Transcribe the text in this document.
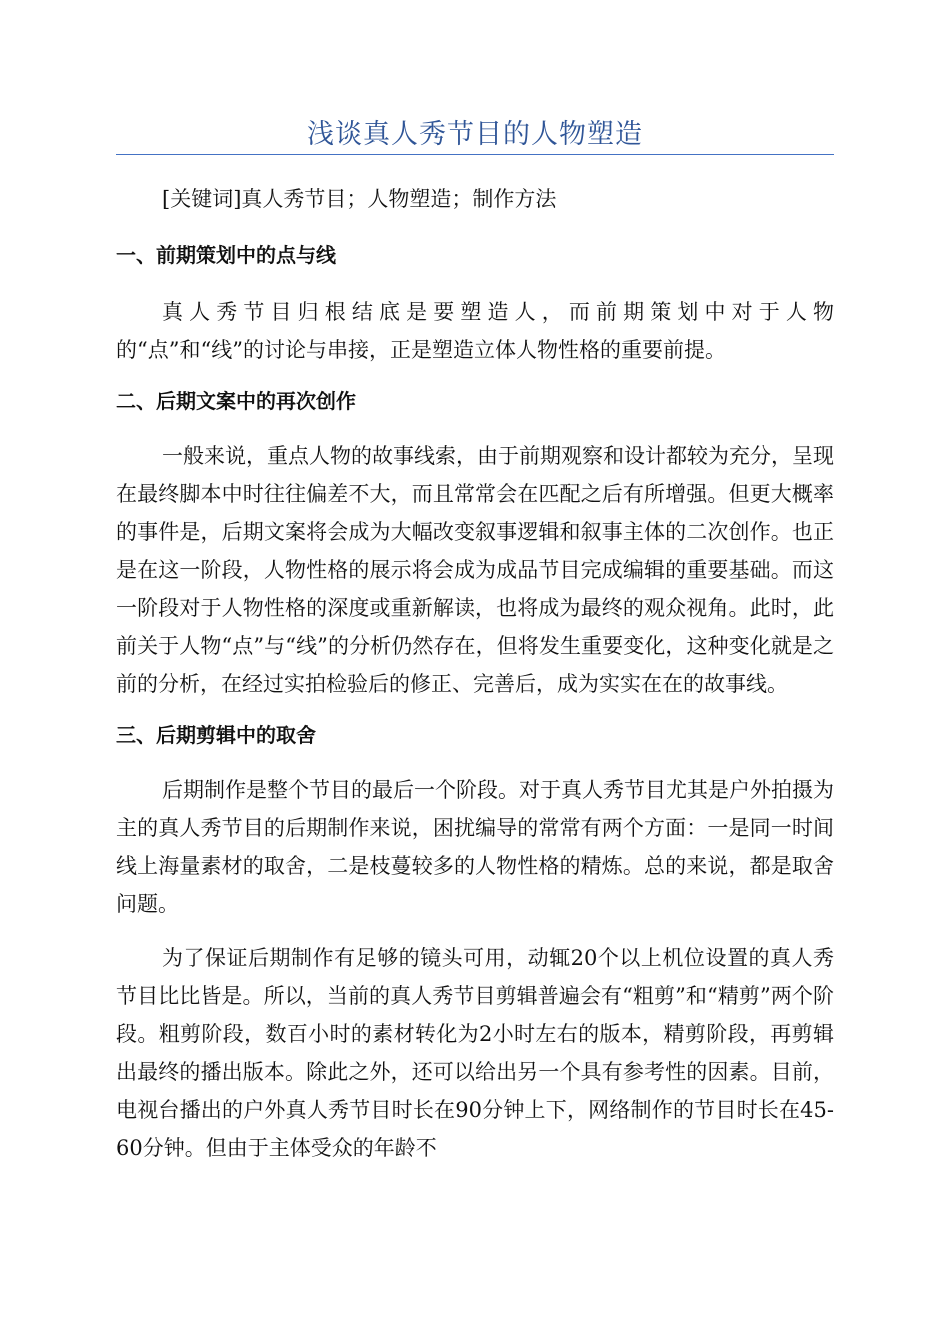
浅谈真人秀节目的人物塑造
[关键词]真人秀节目；人物塑造；制作方法
一、前期策划中的点与线

真人秀节目归根结底是要塑造人，而前期策划中对于人物的“点”和“线”的讨论与串接，正是塑造立体人物性格的重要前提。

二、后期文案中的再次创作

一般来说，重点人物的故事线索，由于前期观察和设计都较为充分，呈现在最终脚本中时往往偏差不大，而且常常会在匹配之后有所增强。但更大概率的事件是，后期文案将会成为大幅改变叙事逻辑和叙事主体的二次创作。也正是在这一阶段，人物性格的展示将会成为成品节目完成编辑的重要基础。而这一阶段对于人物性格的深度或重新解读，也将成为最终的观众视角。此时，此前关于人物“点”与“线”的分析仍然存在，但将发生重要变化，这种变化就是之前的分析，在经过实拍检验后的修正、完善后，成为实实在在的故事线。

三、后期剪辑中的取舍

后期制作是整个节目的最后一个阶段。对于真人秀节目尤其是户外拍摄为主的真人秀节目的后期制作来说，困扰编导的常常有两个方面：一是同一时间线上海量素材的取舍，二是枝蔓较多的人物性格的精炼。总的来说，都是取舍问题。

为了保证后期制作有足够的镜头可用，动辄20个以上机位设置的真人秀节目比比皆是。所以，当前的真人秀节目剪辑普遍会有“粗剪”和“精剪”两个阶段。粗剪阶段，数百小时的素材转化为2小时左右的版本，精剪阶段，再剪辑出最终的播出版本。除此之外，还可以给出另一个具有参考性的因素。目前，电视台播出的户外真人秀节目时长在90分钟上下，网络制作的节目时长在45-60分钟。但由于主体受众的年龄不
